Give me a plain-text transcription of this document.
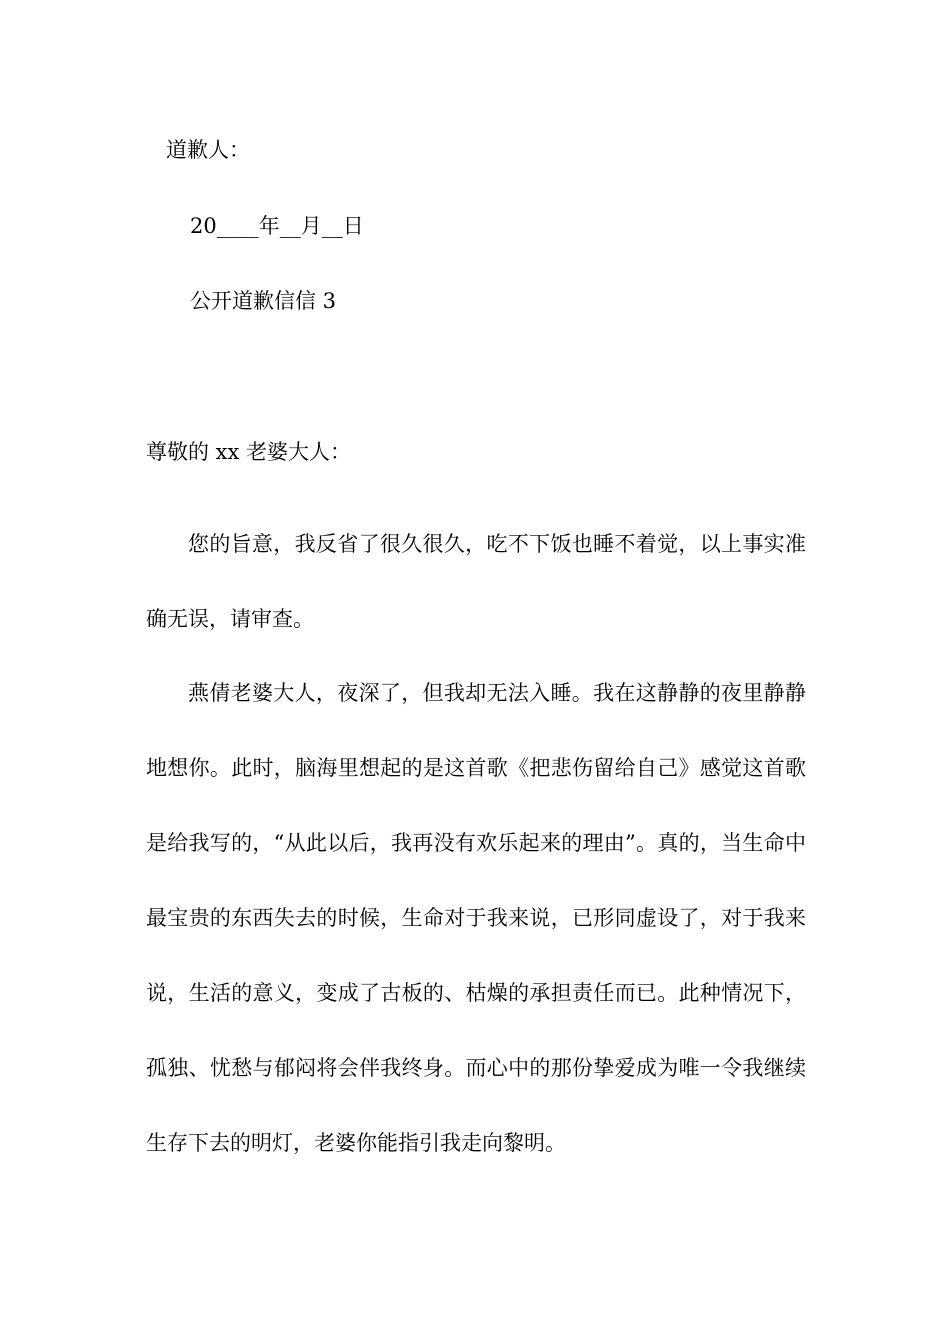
道歉人：
20____年__月__日
公开道歉信信 3
尊敬的 xx 老婆大人：

您的旨意，我反省了很久很久，吃不下饭也睡不着觉，以上事实准确无误，请审查。

燕倩老婆大人，夜深了，但我却无法入睡。我在这静静的夜里静静地想你。此时，脑海里想起的是这首歌《把悲伤留给自己》感觉这首歌是给我写的，“从此以后，我再没有欢乐起来的理由”。真的，当生命中最宝贵的东西失去的时候，生命对于我来说，已形同虚设了，对于我来说，生活的意义，变成了古板的、枯燥的承担责任而已。此种情况下，孤独、忧愁与郁闷将会伴我终身。而心中的那份挚爱成为唯一令我继续生存下去的明灯，老婆你能指引我走向黎明。
